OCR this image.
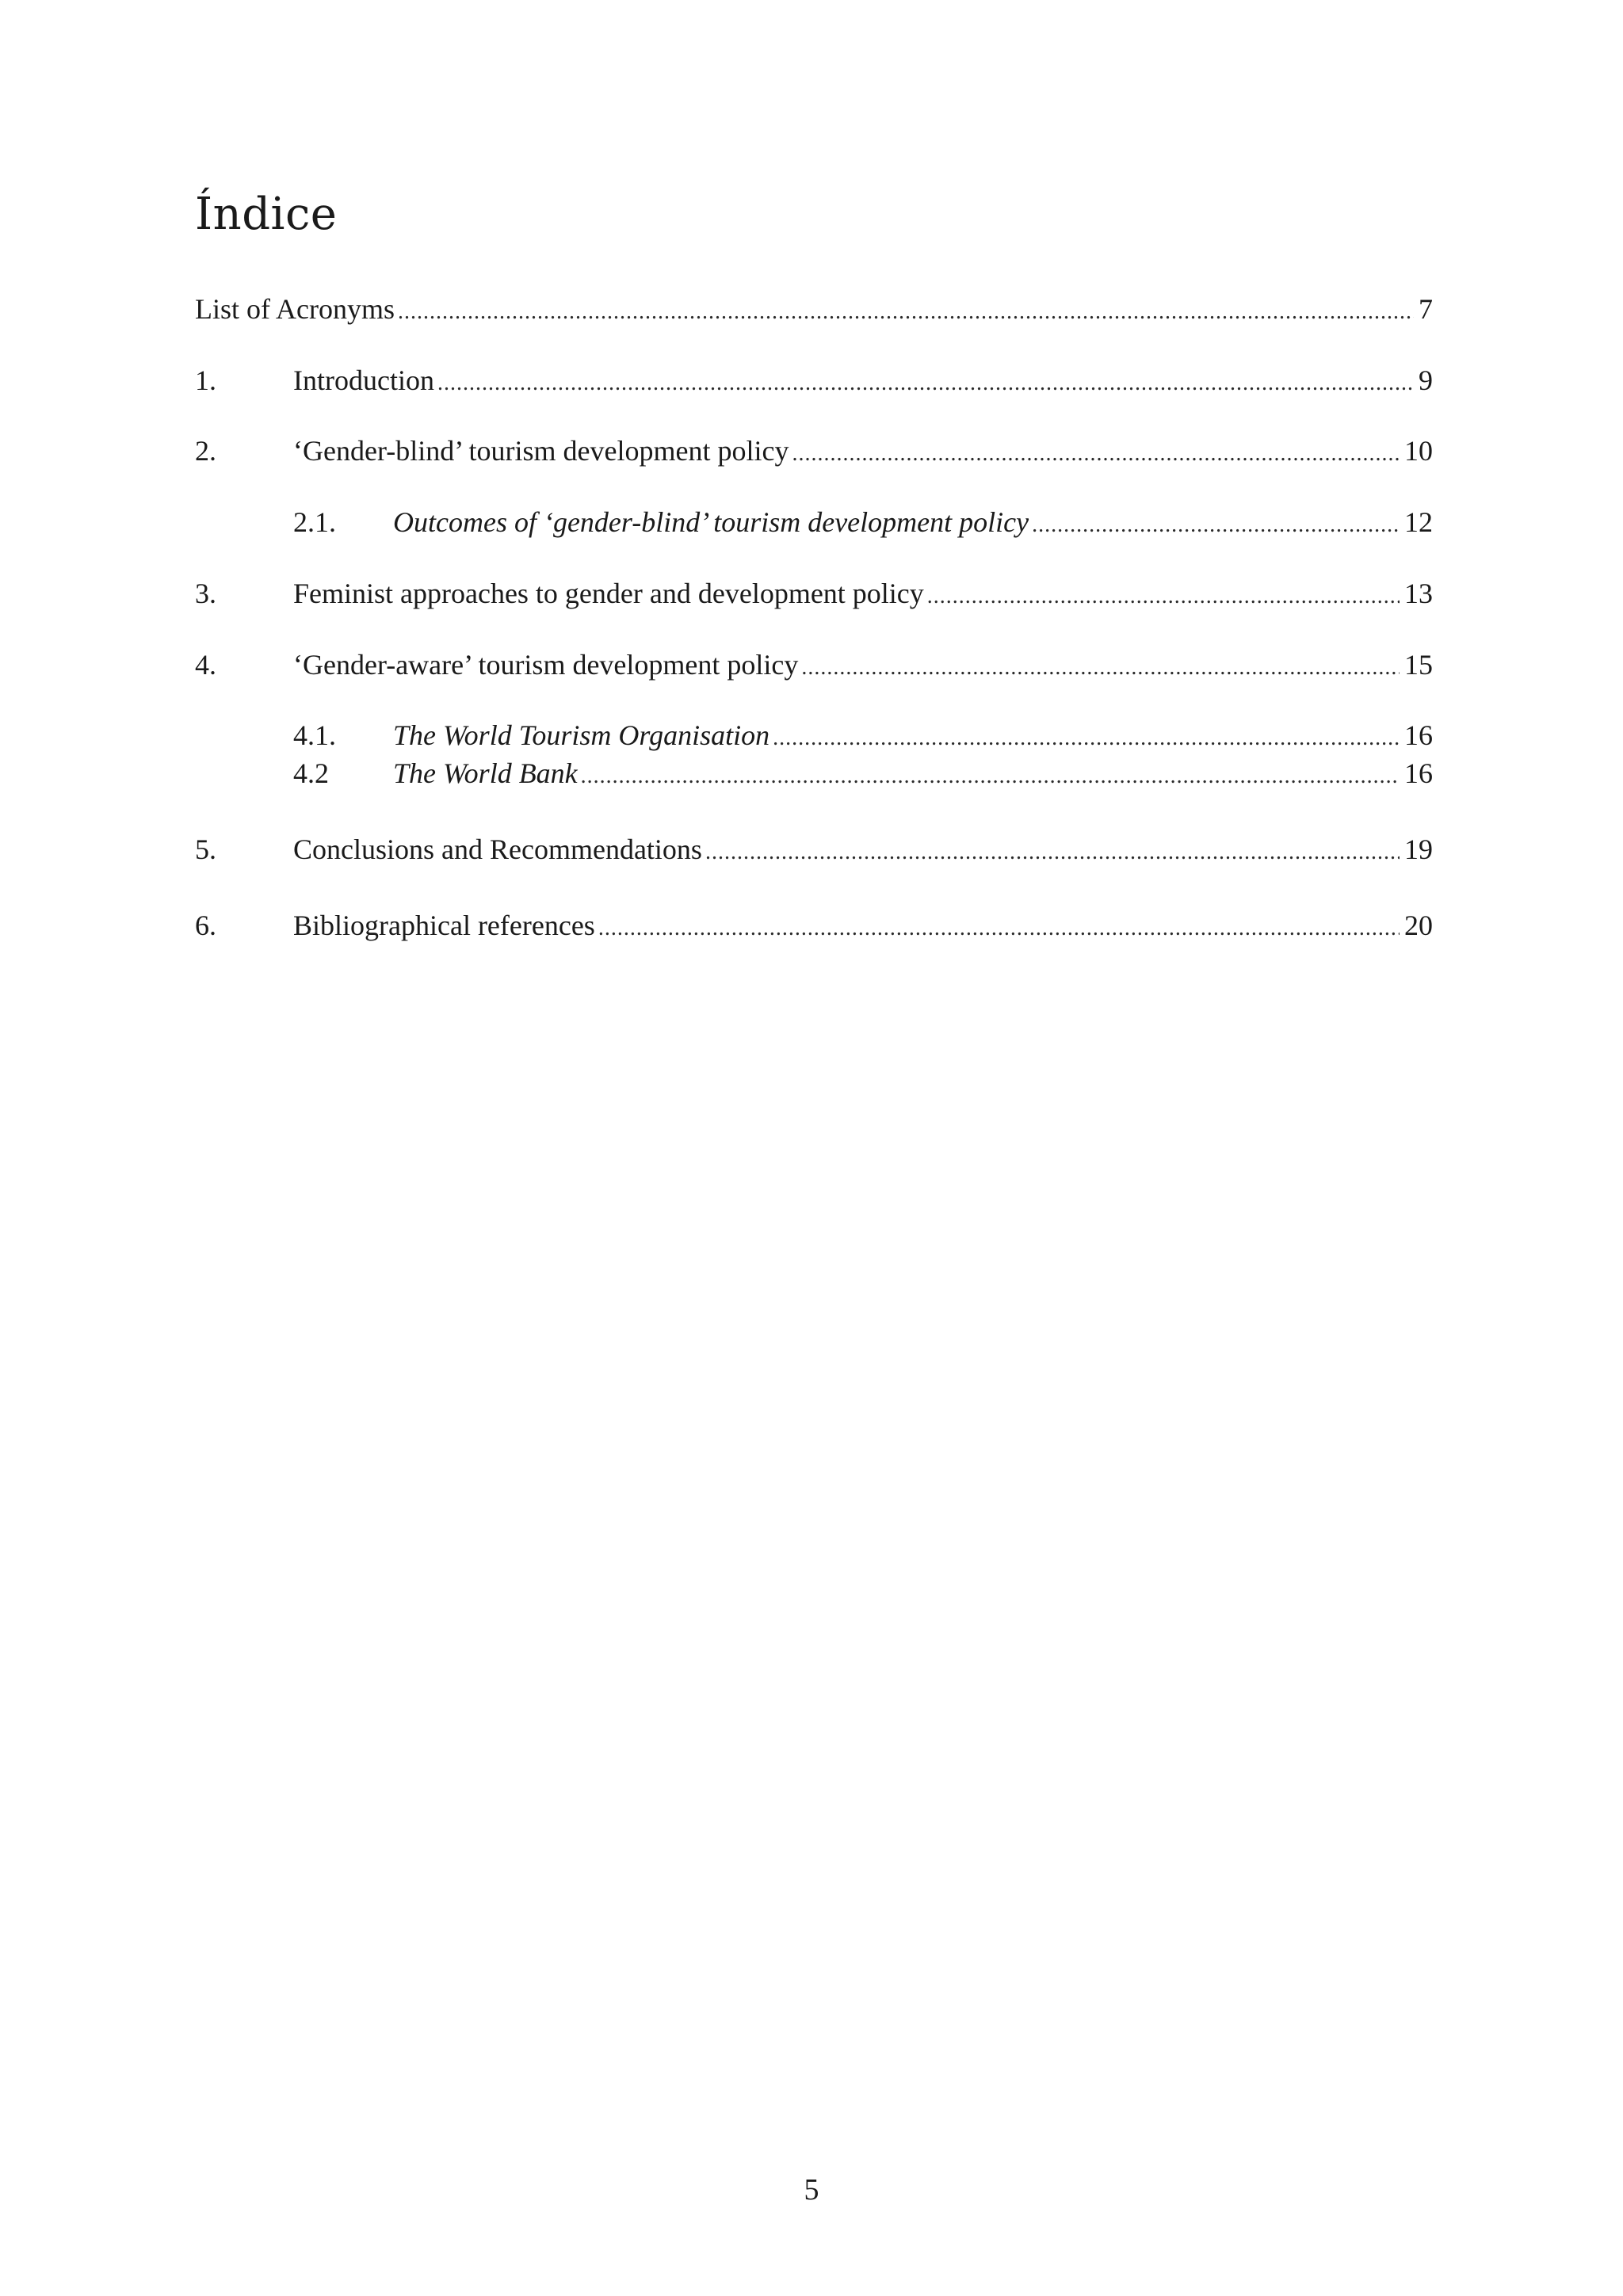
Índice
List of Acronyms .....	7
1.	Introduction .....	9
2.	‘Gender-blind’ tourism development policy .....	10
2.1.	Outcomes of ‘gender-blind’ tourism development policy .....	12
3.	Feminist approaches to gender and development policy .....	13
4.	‘Gender-aware’ tourism development policy .....	15
4.1.	The World Tourism Organisation .....	16
4.2	The World Bank .....	16
5.	Conclusions and Recommendations .....	19
6.	Bibliographical references .....	20
5
